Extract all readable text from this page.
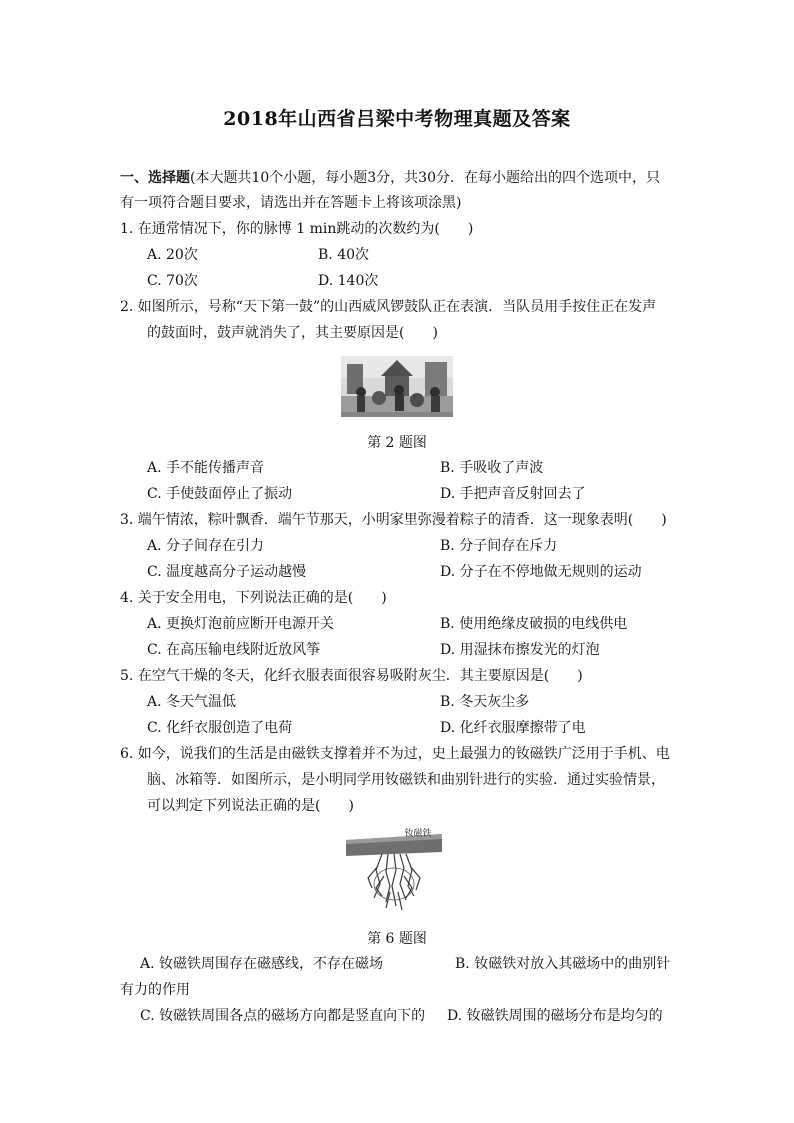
2018年山西省吕梁中考物理真题及答案
一、选择题(本大题共10个小题，每小题3分，共30分．在每小题给出的四个选项中，只
有一项符合题目要求，请选出并在答题卡上将该项涂黑)
1. 在通常情况下，你的脉博 1 min跳动的次数约为(　　)
A. 20次	B. 40次
C. 70次	D. 140次
2. 如图所示，号称“天下第一鼓”的山西威风锣鼓队正在表演．当队员用手按住正在发声
的鼓面时，鼓声就消失了，其主要原因是(　　)
第 2 题图
A. 手不能传播声音	B. 手吸收了声波
C. 手使鼓面停止了振动	D. 手把声音反射回去了
3. 端午情浓，粽叶飘香．端午节那天，小明家里弥漫着粽子的清香．这一现象表明(　　)
A. 分子间存在引力	B. 分子间存在斥力
C. 温度越高分子运动越慢	D. 分子在不停地做无规则的运动
4. 关于安全用电，下列说法正确的是(　　)
A. 更换灯泡前应断开电源开关	B. 使用绝缘皮破损的电线供电
C. 在高压输电线附近放风筝	D. 用湿抹布擦发光的灯泡
5. 在空气干燥的冬天，化纤衣服表面很容易吸附灰尘．其主要原因是(　　)
A. 冬天气温低	B. 冬天灰尘多
C. 化纤衣服创造了电荷	D. 化纤衣服摩擦带了电
6. 如今，说我们的生活是由磁铁支撑着并不为过，史上最强力的钕磁铁广泛用于手机、电
脑、冰箱等．如图所示，是小明同学用钕磁铁和曲别针进行的实验．通过实验情景，
可以判定下列说法正确的是(　　)
钕磁铁
第 6 题图
A. 钕磁铁周围存在磁感线，不存在磁场	B. 钕磁铁对放入其磁场中的曲别针
有力的作用
C. 钕磁铁周围各点的磁场方向都是竖直向下的 D. 钕磁铁周围的磁场分布是均匀的
